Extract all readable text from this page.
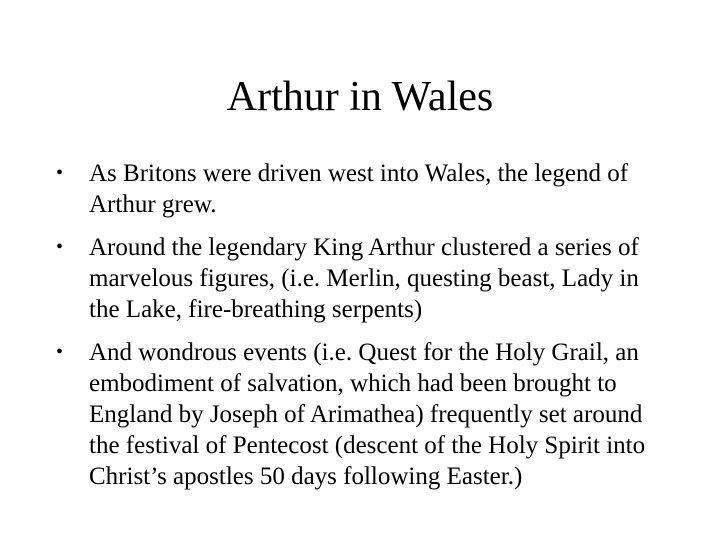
Arthur in Wales
• As Britons were driven west into Wales, the legend of Arthur grew.
• Around the legendary King Arthur clustered a series of marvelous figures, (i.e. Merlin, questing beast, Lady in the Lake, fire-breathing serpents)
• And wondrous events (i.e. Quest for the Holy Grail, an embodiment of salvation, which had been brought to England by Joseph of Arimathea) frequently set around the festival of Pentecost (descent of the Holy Spirit into Christ’s apostles 50 days following Easter.)
